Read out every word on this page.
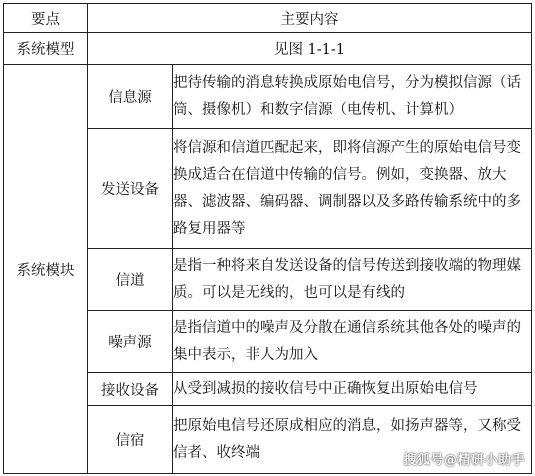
要点	主要内容	
系统模型	见图 1-1-1	
系统模块	信息源	把待传输的消息转换成原始电信号，分为模拟信源（话筒、摄像机）和数字信源（电传机、计算机）
	发送设备	将信源和信道匹配起来，即将信源产生的原始电信号变换成适合在信道中传输的信号。例如，变换器、放大器、滤波器、编码器、调制器以及多路传输系统中的多路复用器等
	信道	是指一种将来自发送设备的信号传送到接收端的物理媒质。可以是无线的，也可以是有线的
	噪声源	是指信道中的噪声及分散在通信系统其他各处的噪声的集中表示，非人为加入
	接收设备	从受到减损的接收信号中正确恢复出原始电信号
	信宿	把原始电信号还原成相应的消息，如扬声器等，又称受信者、收终端	搜狐号@精研小助手
